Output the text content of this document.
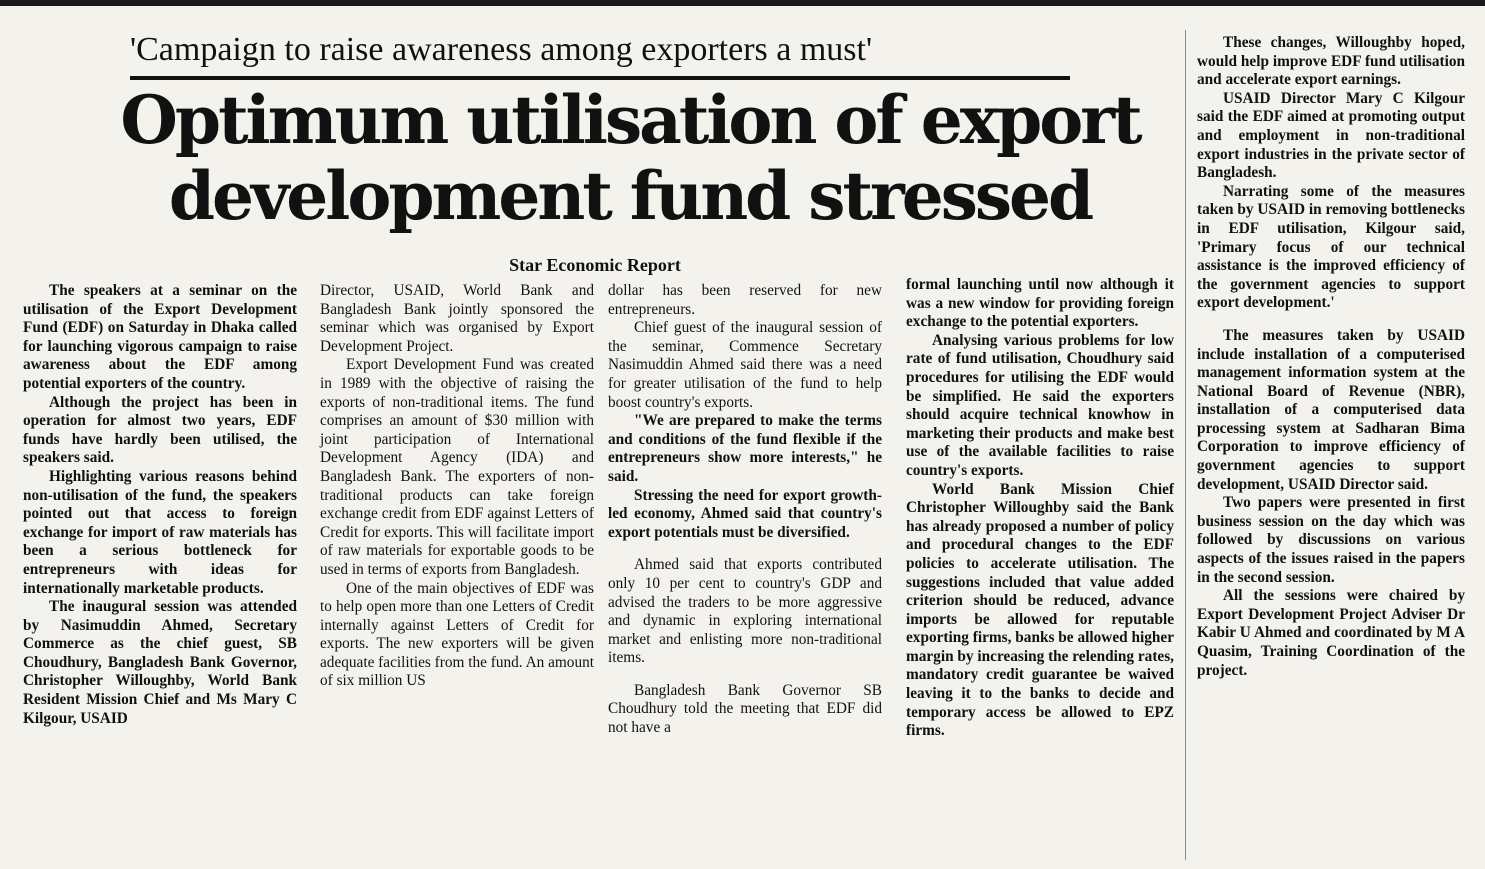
'Campaign to raise awareness among exporters a must'
Optimum utilisation of export
development fund stressed
Star Economic Report

The speakers at a seminar on the utilisation of the Export Development Fund (EDF) on Saturday in Dhaka called for launching vigorous campaign to raise awareness about the EDF among potential exporters of the country.

Although the project has been in operation for almost two years, EDF funds have hardly been utilised, the speakers said.

Highlighting various reasons behind non-utilisation of the fund, the speakers pointed out that access to foreign exchange for import of raw materials has been a serious bottleneck for entrepreneurs with ideas for internationally marketable products.

The inaugural session was attended by Nasimuddin Ahmed, Secretary Commerce as the chief guest, SB Choudhury, Bangladesh Bank Governor, Christopher Willoughby, World Bank Resident Mission Chief and Ms Mary C Kilgour, USAID

Director, USAID, World Bank and Bangladesh Bank jointly sponsored the seminar which was organised by Export Development Project.

Export Development Fund was created in 1989 with the objective of raising the exports of non-traditional items. The fund comprises an amount of $30 million with joint participation of International Development Agency (IDA) and Bangladesh Bank. The exporters of non-traditional products can take foreign exchange credit from EDF against Letters of Credit for exports. This will facilitate import of raw materials for exportable goods to be used in terms of exports from Bangladesh.

One of the main objectives of EDF was to help open more than one Letters of Credit internally against Letters of Credit for exports. The new exporters will be given adequate facilities from the fund. An amount of six million US

dollar has been reserved for new entrepreneurs.

Chief guest of the inaugural session of the seminar, Commence Secretary Nasimuddin Ahmed said there was a need for greater utilisation of the fund to help boost country's exports.

"We are prepared to make the terms and conditions of the fund flexible if the entrepreneurs show more interests," he said.

Stressing the need for export growth-led economy, Ahmed said that country's export potentials must be diversified.

Ahmed said that exports contributed only 10 per cent to country's GDP and advised the traders to be more aggressive and dynamic in exploring international market and enlisting more non-traditional items.

Bangladesh Bank Governor SB Choudhury told the meeting that EDF did not have a

formal launching until now although it was a new window for providing foreign exchange to the potential exporters.

Analysing various problems for low rate of fund utilisation, Choudhury said procedures for utilising the EDF would be simplified. He said the exporters should acquire technical knowhow in marketing their products and make best use of the available facilities to raise country's exports.

World Bank Mission Chief Christopher Willoughby said the Bank has already proposed a number of policy and procedural changes to the EDF policies to accelerate utilisation. The suggestions included that value added criterion should be reduced, advance imports be allowed for reputable exporting firms, banks be allowed higher margin by increasing the relending rates, mandatory credit guarantee be waived leaving it to the banks to decide and temporary access be allowed to EPZ firms.

These changes, Willoughby hoped, would help improve EDF fund utilisation and accelerate export earnings.

USAID Director Mary C Kilgour said the EDF aimed at promoting output and employment in non-traditional export industries in the private sector of Bangladesh.

Narrating some of the measures taken by USAID in removing bottlenecks in EDF utilisation, Kilgour said, 'Primary focus of our technical assistance is the improved efficiency of the government agencies to support export development.'

The measures taken by USAID include installation of a computerised management information system at the National Board of Revenue (NBR), installation of a computerised data processing system at Sadharan Bima Corporation to improve efficiency of government agencies to support development, USAID Director said.

Two papers were presented in first business session on the day which was followed by discussions on various aspects of the issues raised in the papers in the second session.

All the sessions were chaired by Export Development Project Adviser Dr Kabir U Ahmed and coordinated by M A Quasim, Training Coordination of the project.
